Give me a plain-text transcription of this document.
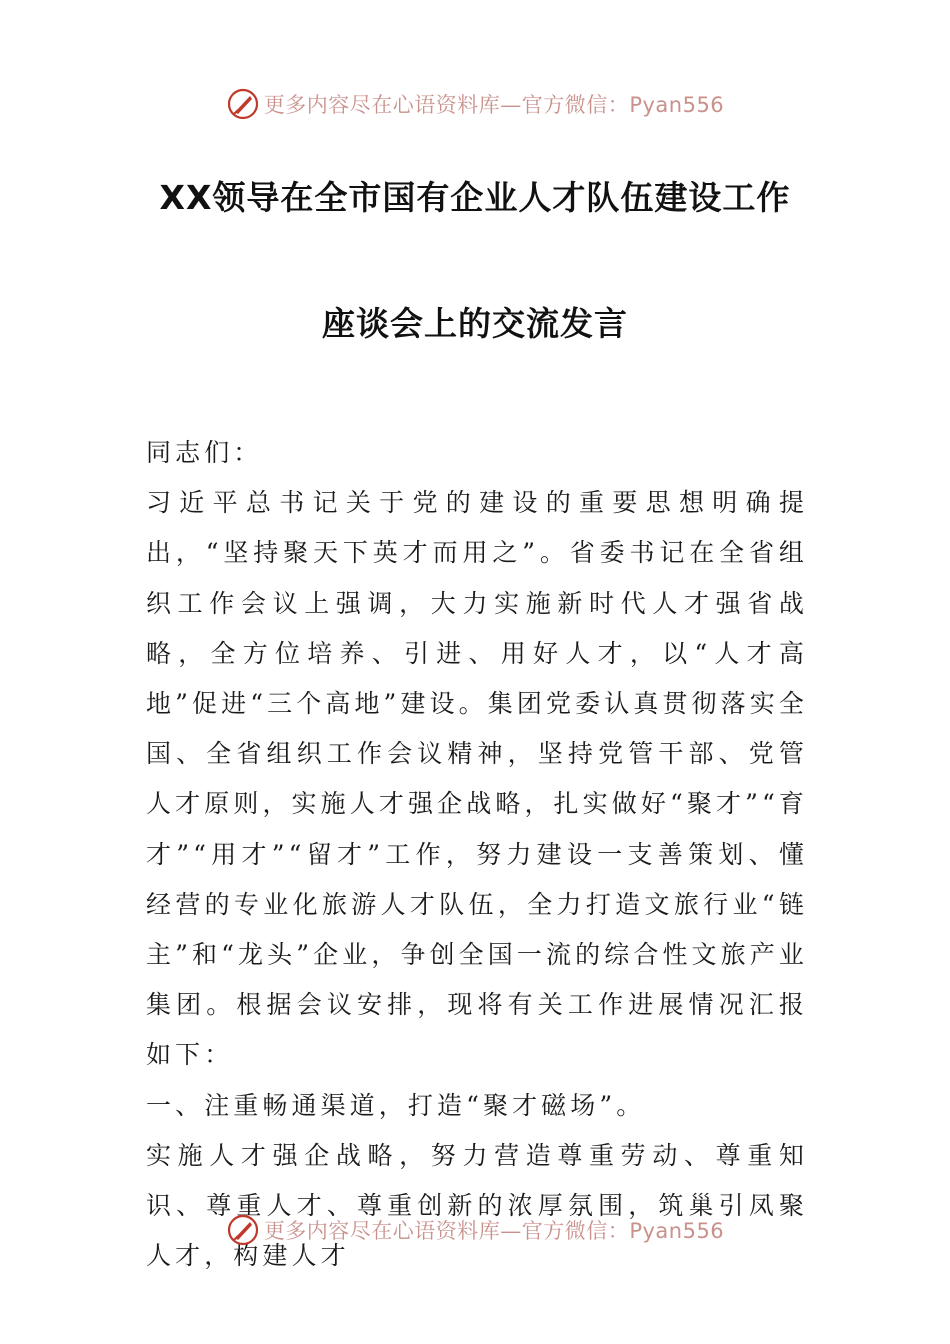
更多内容尽在心语资料库—官方微信：Pyan556
XX领导在全市国有企业人才队伍建设工作
座谈会上的交流发言

同志们：

习近平总书记关于党的建设的重要思想明确提出，“坚持聚天下英才而用之”。省委书记在全省组织工作会议上强调，大力实施新时代人才强省战略，全方位培养、引进、用好人才，以“人才高地”促进“三个高地”建设。集团党委认真贯彻落实全国、全省组织工作会议精神，坚持党管干部、党管人才原则，实施人才强企战略，扎实做好“聚才”“育才”“用才”“留才”工作，努力建设一支善策划、懂经营的专业化旅游人才队伍，全力打造文旅行业“链主”和“龙头”企业，争创全国一流的综合性文旅产业集团。根据会议安排，现将有关工作进展情况汇报如下：

一、注重畅通渠道，打造“聚才磁场”。

实施人才强企战略，努力营造尊重劳动、尊重知识、尊重人才、尊重创新的浓厚氛围，筑巢引凤聚人才，构建人才

更多内容尽在心语资料库—官方微信：Pyan556
